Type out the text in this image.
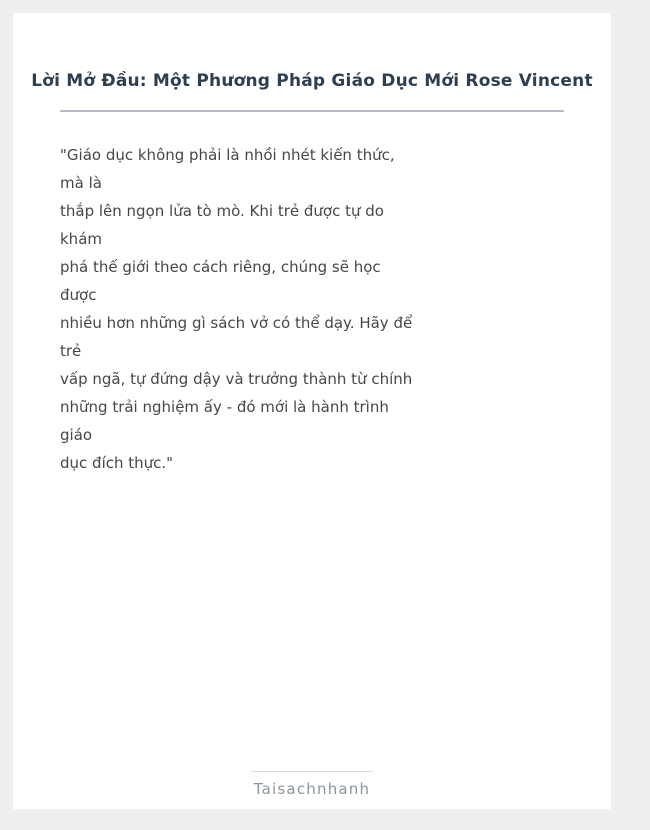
Lời Mở Đầu: Một Phương Pháp Giáo Dục Mới Rose Vincent
"Giáo dục không phải là nhồi nhét kiến thức,
mà là
thắp lên ngọn lửa tò mò. Khi trẻ được tự do
khám
phá thế giới theo cách riêng, chúng sẽ học
được
nhiều hơn những gì sách vở có thể dạy. Hãy để
trẻ
vấp ngã, tự đứng dậy và trưởng thành từ chính
những trải nghiệm ấy - đó mới là hành trình
giáo
dục đích thực."
Taisachnhanh
